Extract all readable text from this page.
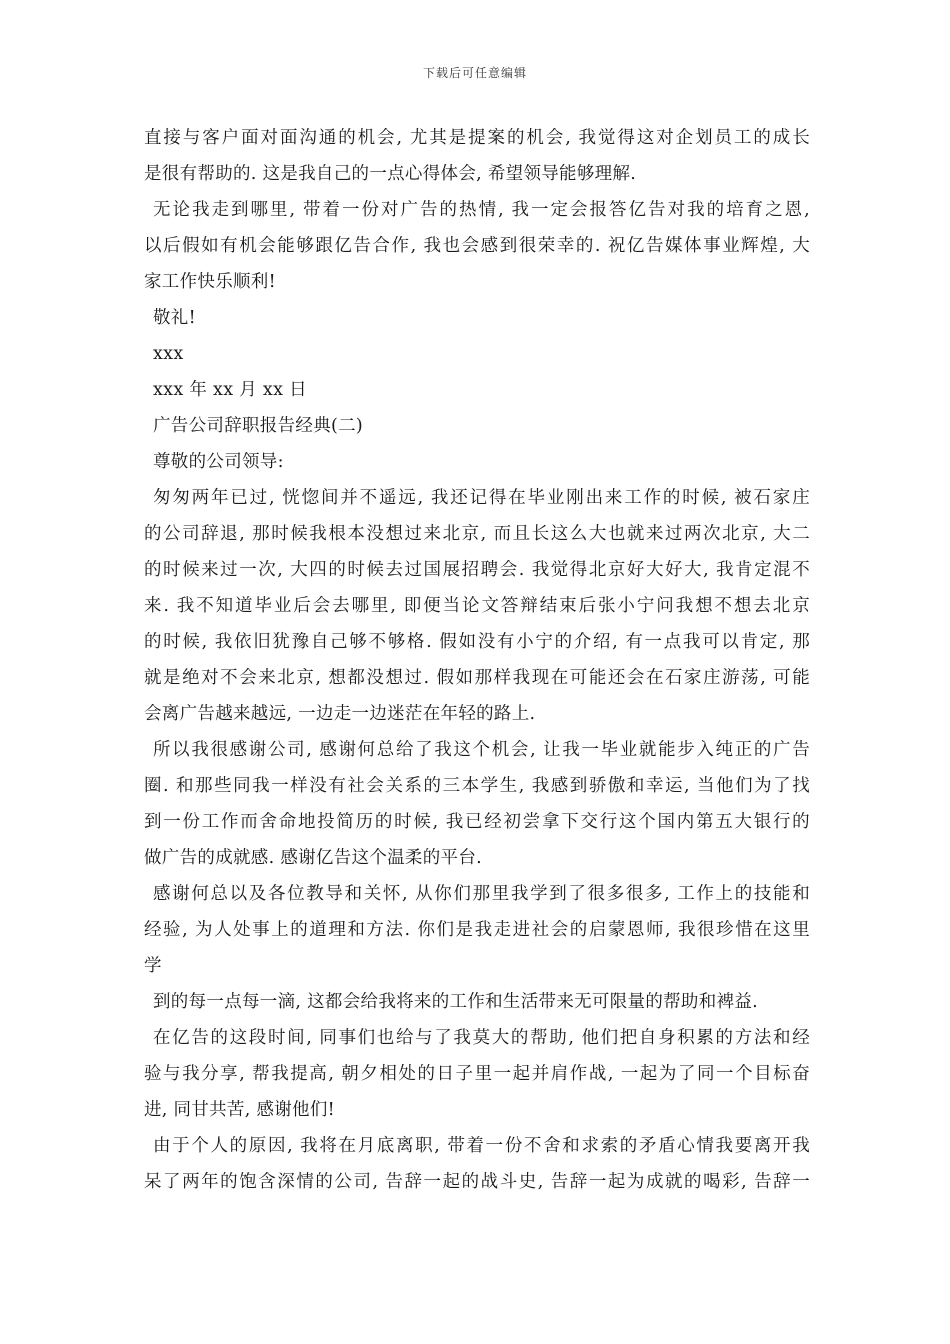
下载后可任意编辑
直接与客户面对面沟通的机会, 尤其是提案的机会, 我觉得这对企划员工的成长
是很有帮助的. 这是我自己的一点心得体会, 希望领导能够理解.
无论我走到哪里, 带着一份对广告的热情, 我一定会报答亿告对我的培育之恩,
以后假如有机会能够跟亿告合作, 我也会感到很荣幸的. 祝亿告媒体事业辉煌, 大
家工作快乐顺利!
敬礼!
xxx
xxx 年 xx 月 xx 日
广告公司辞职报告经典(二)
尊敬的公司领导:
匆匆两年已过, 恍惚间并不遥远, 我还记得在毕业刚出来工作的时候, 被石家庄
的公司辞退, 那时候我根本没想过来北京, 而且长这么大也就来过两次北京, 大二
的时候来过一次, 大四的时候去过国展招聘会. 我觉得北京好大好大, 我肯定混不
来. 我不知道毕业后会去哪里, 即便当论文答辩结束后张小宁问我想不想去北京
的时候, 我依旧犹豫自己够不够格. 假如没有小宁的介绍, 有一点我可以肯定, 那
就是绝对不会来北京, 想都没想过. 假如那样我现在可能还会在石家庄游荡, 可能
会离广告越来越远, 一边走一边迷茫在年轻的路上.
所以我很感谢公司, 感谢何总给了我这个机会, 让我一毕业就能步入纯正的广告
圈. 和那些同我一样没有社会关系的三本学生, 我感到骄傲和幸运, 当他们为了找
到一份工作而舍命地投简历的时候, 我已经初尝拿下交行这个国内第五大银行的
做广告的成就感. 感谢亿告这个温柔的平台.
感谢何总以及各位教导和关怀, 从你们那里我学到了很多很多, 工作上的技能和
经验, 为人处事上的道理和方法. 你们是我走进社会的启蒙恩师, 我很珍惜在这里
学
到的每一点每一滴, 这都会给我将来的工作和生活带来无可限量的帮助和裨益.
在亿告的这段时间, 同事们也给与了我莫大的帮助, 他们把自身积累的方法和经
验与我分享, 帮我提高, 朝夕相处的日子里一起并肩作战, 一起为了同一个目标奋
进, 同甘共苦, 感谢他们!
由于个人的原因, 我将在月底离职, 带着一份不舍和求索的矛盾心情我要离开我
呆了两年的饱含深情的公司, 告辞一起的战斗史, 告辞一起为成就的喝彩, 告辞一
